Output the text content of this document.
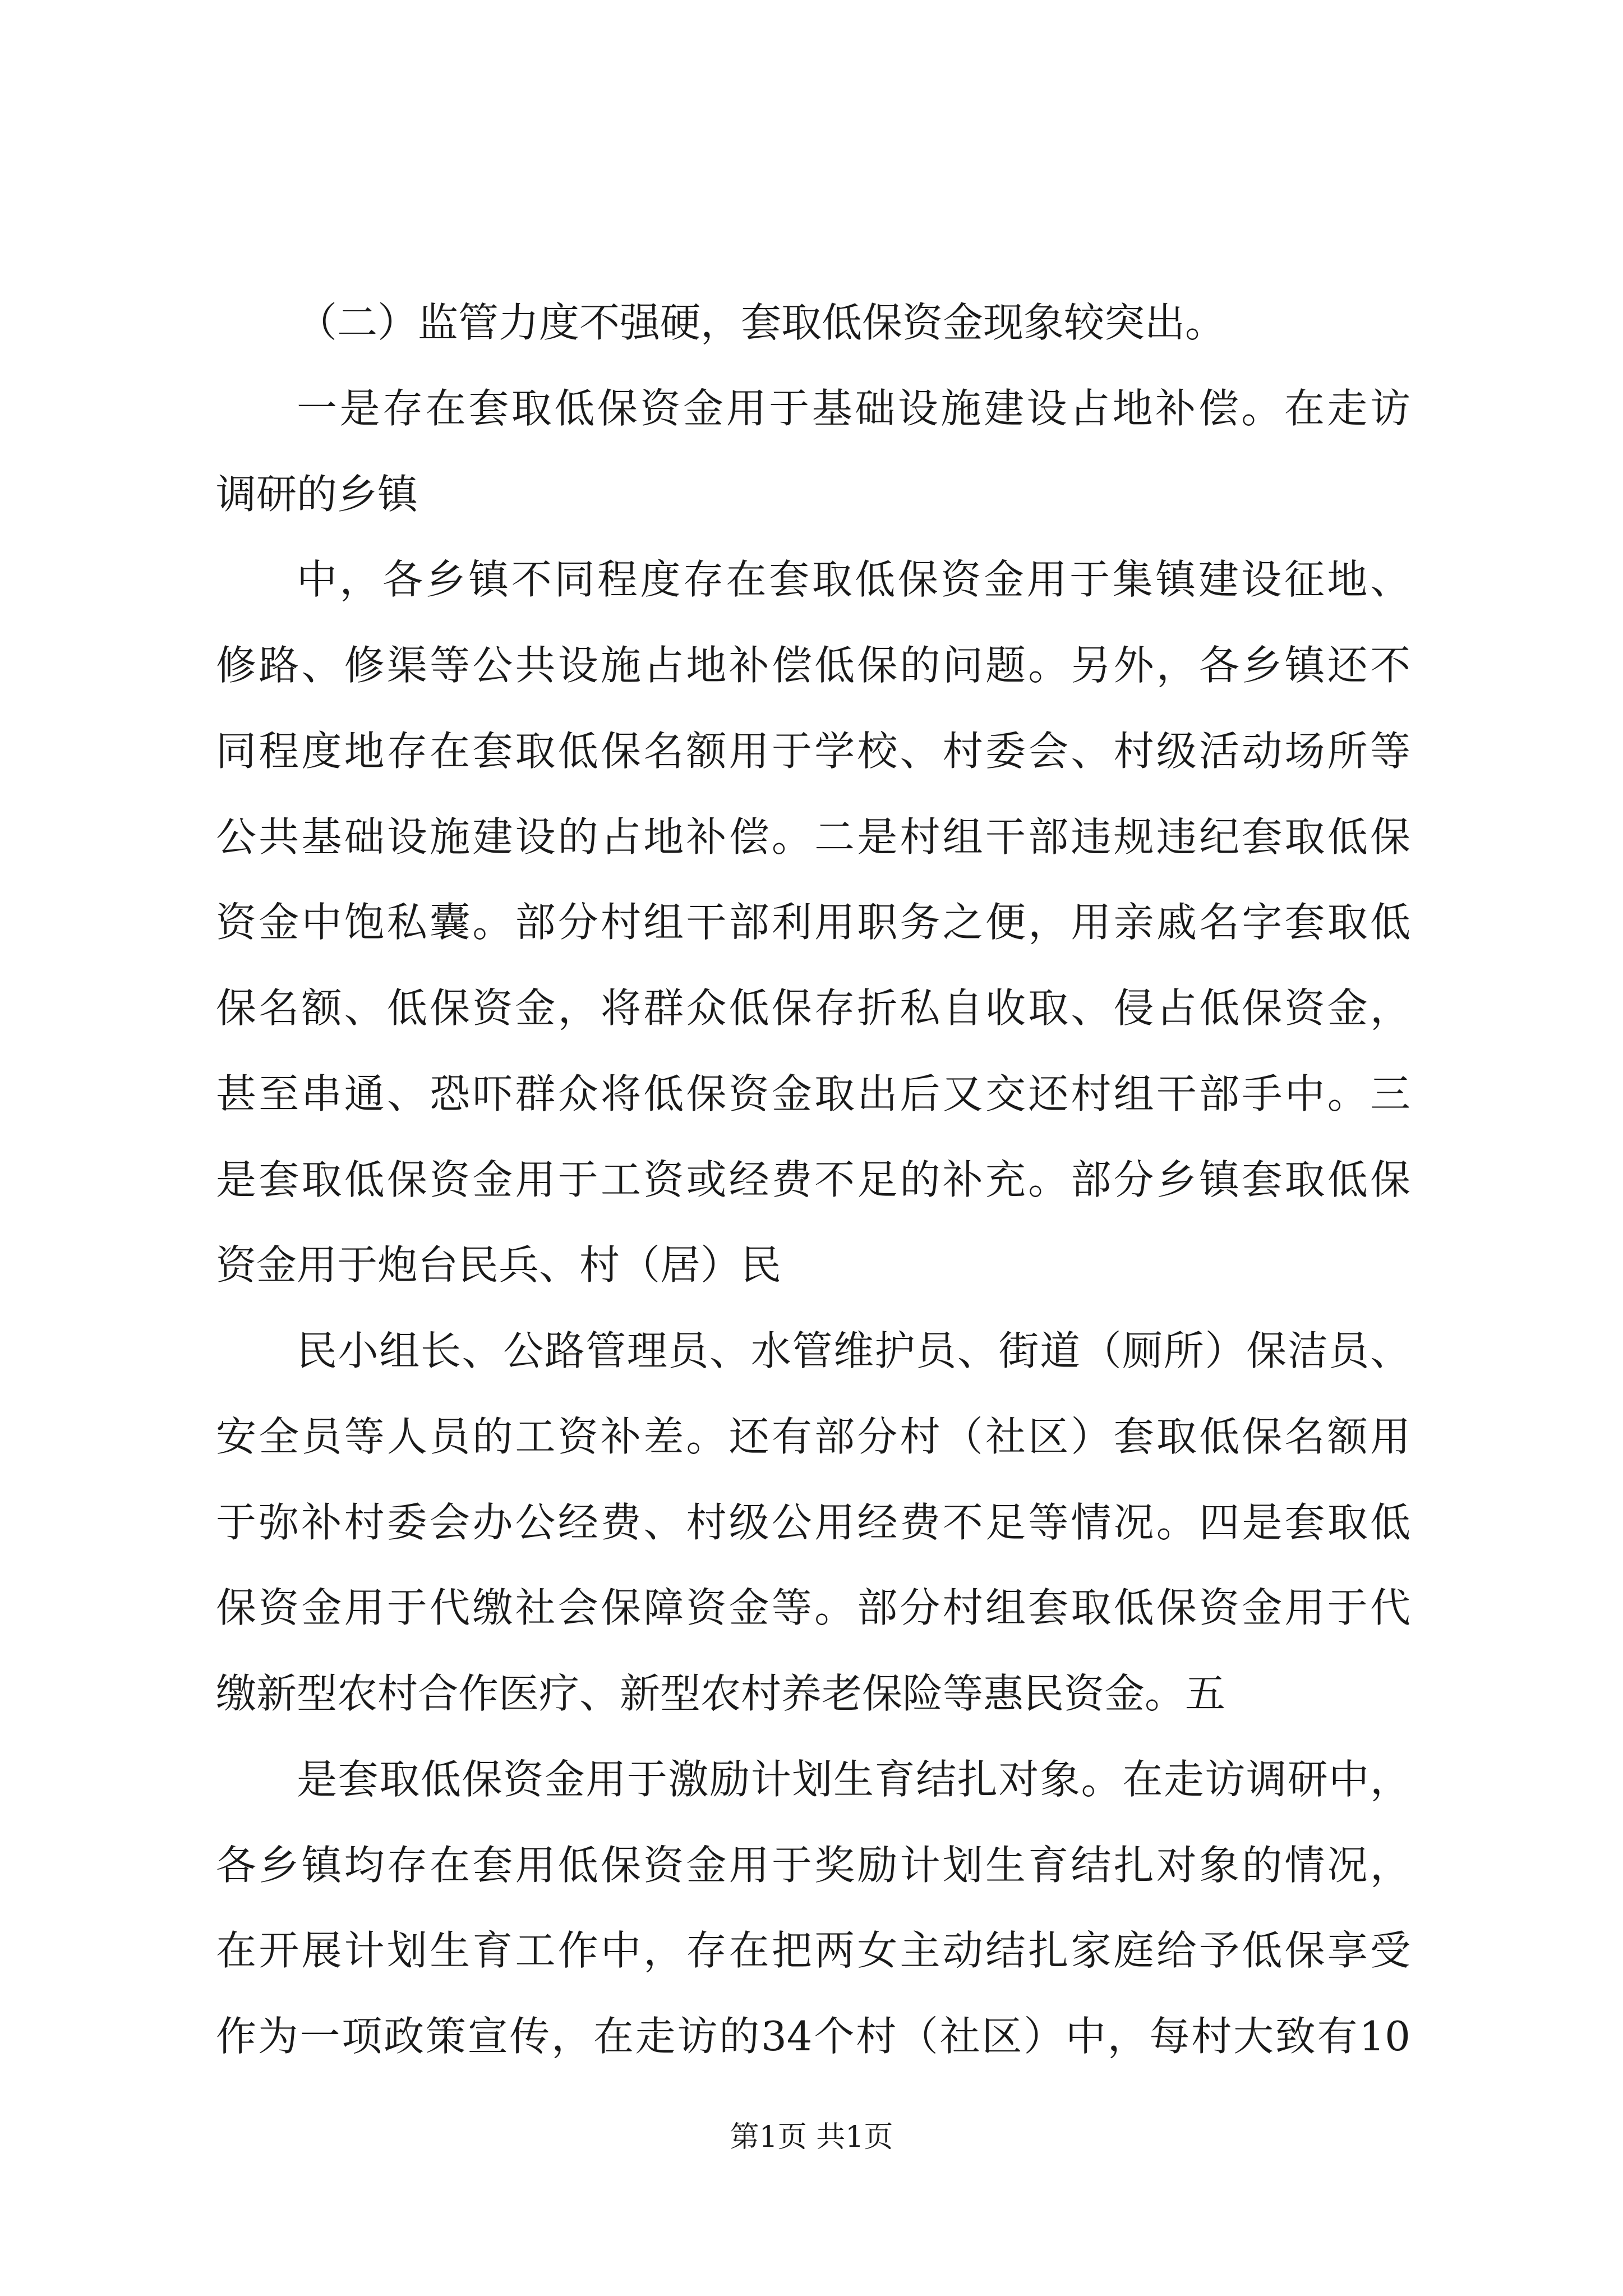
（二）监管力度不强硬，套取低保资金现象较突出。
一是存在套取低保资金用于基础设施建设占地补偿。在走访
调研的乡镇
中，各乡镇不同程度存在套取低保资金用于集镇建设征地、
修路、修渠等公共设施占地补偿低保的问题。另外，各乡镇还不
同程度地存在套取低保名额用于学校、村委会、村级活动场所等
公共基础设施建设的占地补偿。二是村组干部违规违纪套取低保
资金中饱私囊。部分村组干部利用职务之便，用亲戚名字套取低
保名额、低保资金，将群众低保存折私自收取、侵占低保资金，
甚至串通、恐吓群众将低保资金取出后又交还村组干部手中。三
是套取低保资金用于工资或经费不足的补充。部分乡镇套取低保
资金用于炮台民兵、村（居）民
民小组长、公路管理员、水管维护员、街道（厕所）保洁员、
安全员等人员的工资补差。还有部分村（社区）套取低保名额用
于弥补村委会办公经费、村级公用经费不足等情况。四是套取低
保资金用于代缴社会保障资金等。部分村组套取低保资金用于代
缴新型农村合作医疗、新型农村养老保险等惠民资金。五
是套取低保资金用于激励计划生育结扎对象。在走访调研中，
各乡镇均存在套用低保资金用于奖励计划生育结扎对象的情况，
在开展计划生育工作中，存在把两女主动结扎家庭给予低保享受
作为一项政策宣传，在走访的34个村（社区）中，每村大致有10
第1页 共1页
